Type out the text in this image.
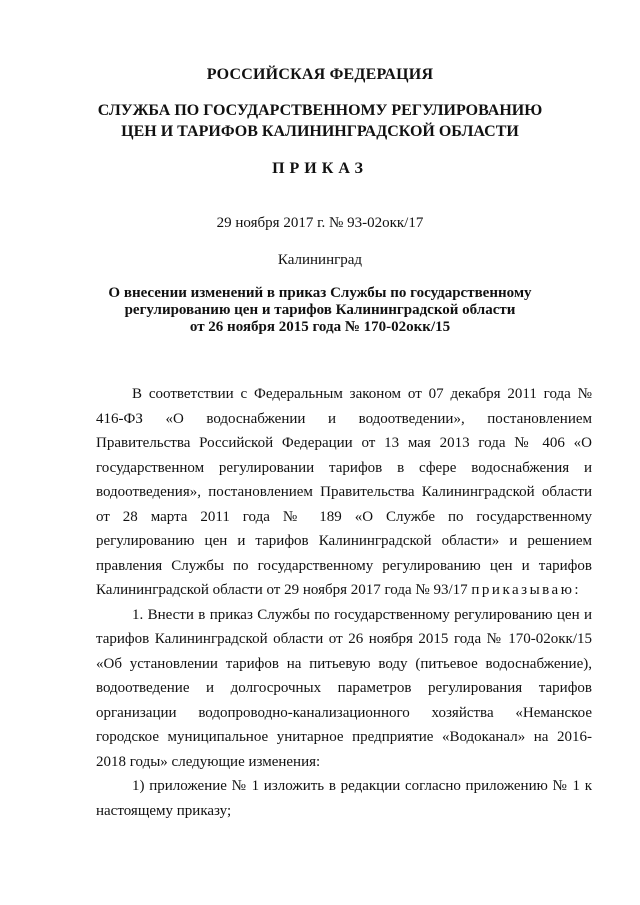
РОССИЙСКАЯ ФЕДЕРАЦИЯ
СЛУЖБА ПО ГОСУДАРСТВЕННОМУ РЕГУЛИРОВАНИЮ
ЦЕН И ТАРИФОВ КАЛИНИНГРАДСКОЙ ОБЛАСТИ
ПРИКАЗ
29 ноября 2017 г. № 93-02окк/17
Калининград
О внесении изменений в приказ Службы по государственному
регулированию цен и тарифов Калининградской области
от 26 ноября 2015 года № 170-02окк/15

В соответствии с Федеральным законом от 07 декабря 2011 года № 416-ФЗ «О водоснабжении и водоотведении», постановлением Правительства Российской Федерации от 13 мая 2013 года № 406 «О государственном регулировании тарифов в сфере водоснабжения и водоотведения», постановлением Правительства Калининградской области от 28 марта 2011 года № 189 «О Службе по государственному регулированию цен и тарифов Калининградской области» и решением правления Службы по государственному регулированию цен и тарифов Калининградской области от 29 ноября 2017 года № 93/17 приказываю:

1. Внести в приказ Службы по государственному регулированию цен и тарифов Калининградской области от 26 ноября 2015 года № 170-02окк/15 «Об установлении тарифов на питьевую воду (питьевое водоснабжение), водоотведение и долгосрочных параметров регулирования тарифов организации водопроводно-канализационного хозяйства «Неманское городское муниципальное унитарное предприятие «Водоканал» на 2016-2018 годы» следующие изменения:

1) приложение № 1 изложить в редакции согласно приложению № 1 к настоящему приказу;
